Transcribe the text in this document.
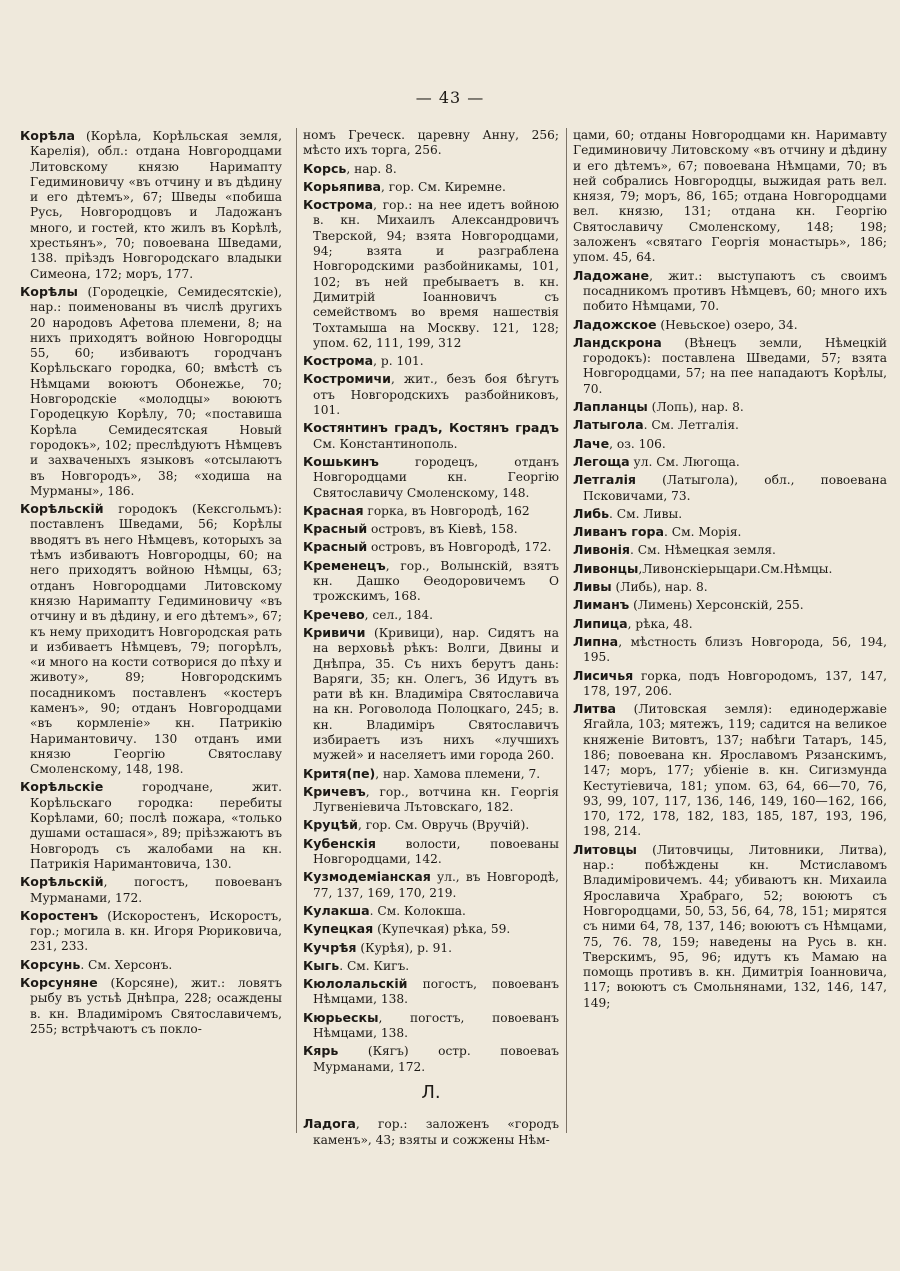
— 43 —
Корѣла (Корѣла, Корѣльская земля, Карелія), обл.: отдана Новгородцами Литовскому князю Наримапту Гедиминовичу «въ отчину и въ дѣдину и его дѣтемъ», 67; Шведы «побиша Русь, Новгородцовъ и Ладожанъ много, и гостей, кто жилъ въ Корѣлѣ, хрестьянъ», 70; повоевана Шведами, 138. пріѣздъ Новгородскаго владыки Симеона, 172; моръ, 177.
Корѣлы (Городецкіе, Семидесятскіе), нар.: поименованы въ числѣ другихъ 20 народовъ Афетова племени, 8; на нихъ приходятъ войною Новгородцы 55, 60; избиваютъ городчанъ Корѣльскаго городка, 60; вмѣстѣ съ Нѣмцами воюютъ Обонежье, 70; Новгородскіе «молодцы» воюютъ Городецкую Корѣлу, 70; «поставиша Корѣла Семидесятская Новый городокъ», 102; преслѣдуютъ Нѣмцевъ и захваченыхъ языковъ «отсылаютъ въ Новгородъ», 38; «ходиша на Мурманы», 186.
Корѣльскій городокъ (Кексгольмъ): поставленъ Шведами, 56; Корѣлы вводятъ въ него Нѣмцевъ, которыхъ за тѣмъ избиваютъ Новгородцы, 60; на него приходятъ войною Нѣмцы, 63; отданъ Новгородцами Литовскому князю Наримапту Гедиминовичу «въ отчину и въ дѣдину, и его дѣтемъ», 67; къ нему приходитъ Новгородская рать и избиваетъ Нѣмцевъ, 79; погорѣлъ, «и много на кости сотворися до пѣху и животу», 89; Новгородскимъ посадникомъ поставленъ «костеръ каменъ», 90; отданъ Новгородцами «въ кормленіе» кн. Патрикію Наримантовичу. 130 отданъ ими князю Георгію Святославу Смоленскому, 148, 198.
Корѣльскіе городчане, жит. Корѣльскаго городка: перебиты Корѣлами, 60; послѣ пожара, «только душами осташася», 89; пріѣзжаютъ въ Новгородъ съ жалобами на кн. Патрикія Наримантовича, 130.
Корѣльскій, погостъ, повоеванъ Мурманами, 172.
Коростенъ (Искоростенъ, Искоростъ, гор.; могила в. кн. Игоря Рюриковича, 231, 233.
Корсунь. См. Херсонъ.
Корсуняне (Корсяне), жит.: ловятъ рыбу въ устьѣ Днѣпра, 228; осаждены в. кн. Владиміромъ Святославичемъ, 255; встрѣчаютъ съ покло-
номъ Греческ. царевну Анну, 256; мѣсто ихъ торга, 256.
Корсь, нар. 8.
Корьяпива, гор. См. Киремне.
Кострома, гор.: на нее идетъ войною в. кн. Михаилъ Александровичъ Тверской, 94; взята Новгородцами, 94; взята и разграблена Новгородскими разбойникамы, 101, 102; въ ней пребываетъ в. кн. Димитрій Іоанновичъ съ семействомъ во время нашествія Тохтамыша на Москву. 121, 128; упом. 62, 111, 199, 312
Кострома, р. 101.
Костромичи, жит., безъ боя бѣгутъ отъ Новгородскихъ разбойниковъ, 101.
Костянтинъ градъ, Костянъ градъ См. Константинополь.
Кошькинъ городецъ, отданъ Новгородцами кн. Георгію Святославичу Смоленскому, 148.
Красная горка, въ Новгородѣ, 162
Красный островъ, въ Кіевѣ, 158.
Красный островъ, въ Новгородѣ, 172.
Кременецъ, гор., Волынскій, взятъ кн. Дашко Ѳеодоровичемъ О трожскимъ, 168.
Кречево, сел., 184.
Кривичи (Кривици), нар. Сидятъ на на верховьѣ рѣкъ: Волги, Двины и Днѣпра, 35. Съ нихъ берутъ дань: Варяги, 35; кн. Олегъ, 36 Идутъ въ рати вѣ кн. Владиміра Святославича на кн. Роговолода Полоцкаго, 245; в. кн. Владиміръ Святославичъ избираетъ изъ нихъ «лучшихъ мужей» и населяетъ ими города 260.
Критя(пе), нар. Хамова племени, 7.
Кричевъ, гор., вотчина кн. Георгія Лугвеніевича Лътовскаго, 182.
Круцѣй, гор. См. Овручь (Вручій).
Кубенскія волости, повоеваны Новгородцами, 142.
Кузмодеміанская ул., въ Новгородѣ, 77, 137, 169, 170, 219.
Кулакша. См. Колокша.
Купецкая (Купечкая) рѣка, 59.
Кучрѣя (Курѣя), р. 91.
Кыгь. См. Кигъ.
Кюлолальскій погостъ, повоеванъ Нѣмцами, 138.
Кюрьескы, погостъ, повоеванъ Нѣмцами, 138.
Кярь (Кягъ) остр. повоеваъ Мурманами, 172.
Л.
Ладога, гор.: заложенъ «городъ каменъ», 43; взяты и сожжены Нѣм-
цами, 60; отданы Новгородцами кн. Наримавту Гедиминовичу Литовскому «въ отчину и дѣдину и его дѣтемъ», 67; повоевана Нѣмцами, 70; въ ней собрались Новгородцы, выжидая рать вел. князя, 79; моръ, 86, 165; отдана Новгородцами вел. князю, 131; отдана кн. Георгію Святославичу Смоленскому, 148; 198; заложенъ «святаго Георгія монастырь», 186; упом. 45, 64.
Ладожане, жит.: выступаютъ съ своимъ посадникомъ противъ Нѣмцевъ, 60; много ихъ побито Нѣмцами, 70.
Ладожское (Невьское) озеро, 34.
Ландскрона (Вѣнецъ земли, Нѣмецкій городокъ): поставлена Шведами, 57; взята Новгородцами, 57; на пее нападаютъ Корѣлы, 70.
Лапланцы (Лопь), нар. 8.
Латыгола. См. Летгалія.
Лаче, оз. 106.
Легоща ул. См. Люгоща.
Летгалія (Латыгола), обл., повоевана Псковичами, 73.
Либь. См. Ливы.
Ливанъ гора. См. Морія.
Ливонія. См. Нѣмецкая земля.
Ливонцы,Ливонскіерыцари.См.Нѣмцы.
Ливы (Либь), нар. 8.
Лиманъ (Лимень) Херсонскій, 255.
Липица, рѣка, 48.
Липна, мѣстность близъ Новгорода, 56, 194, 195.
Лисичья горка, подъ Новгородомъ, 137, 147, 178, 197, 206.
Литва (Литовская земля): единодержавіе Ягайла, 103; мятежъ, 119; садится на великое княженіе Витовтъ, 137; набѣги Татаръ, 145, 186; повоевана кн. Ярославомъ Рязанскимъ, 147; моръ, 177; убіеніе в. кн. Сигизмунда Кестутіевича, 181; упом. 63, 64, 66—70, 76, 93, 99, 107, 117, 136, 146, 149, 160—162, 166, 170, 172, 178, 182, 183, 185, 187, 193, 196, 198, 214.
Литовцы (Литовчицы, Литовники, Литва), нар.: побѣждены кн. Мстиславомъ Владиміровичемъ. 44; убиваютъ кн. Михаила Ярославича Храбраго, 52; воюютъ съ Новгородцами, 50, 53, 56, 64, 78, 151; мирятся съ ними 64, 78, 137, 146; воюютъ съ Нѣмцами, 75, 76. 78, 159; наведены на Русь в. кн. Тверскимъ, 95, 96; идутъ къ Мамаю на помощь противъ в. кн. Димитрія Іоанновича, 117; воюютъ съ Смольнянами, 132, 146, 147, 149;
